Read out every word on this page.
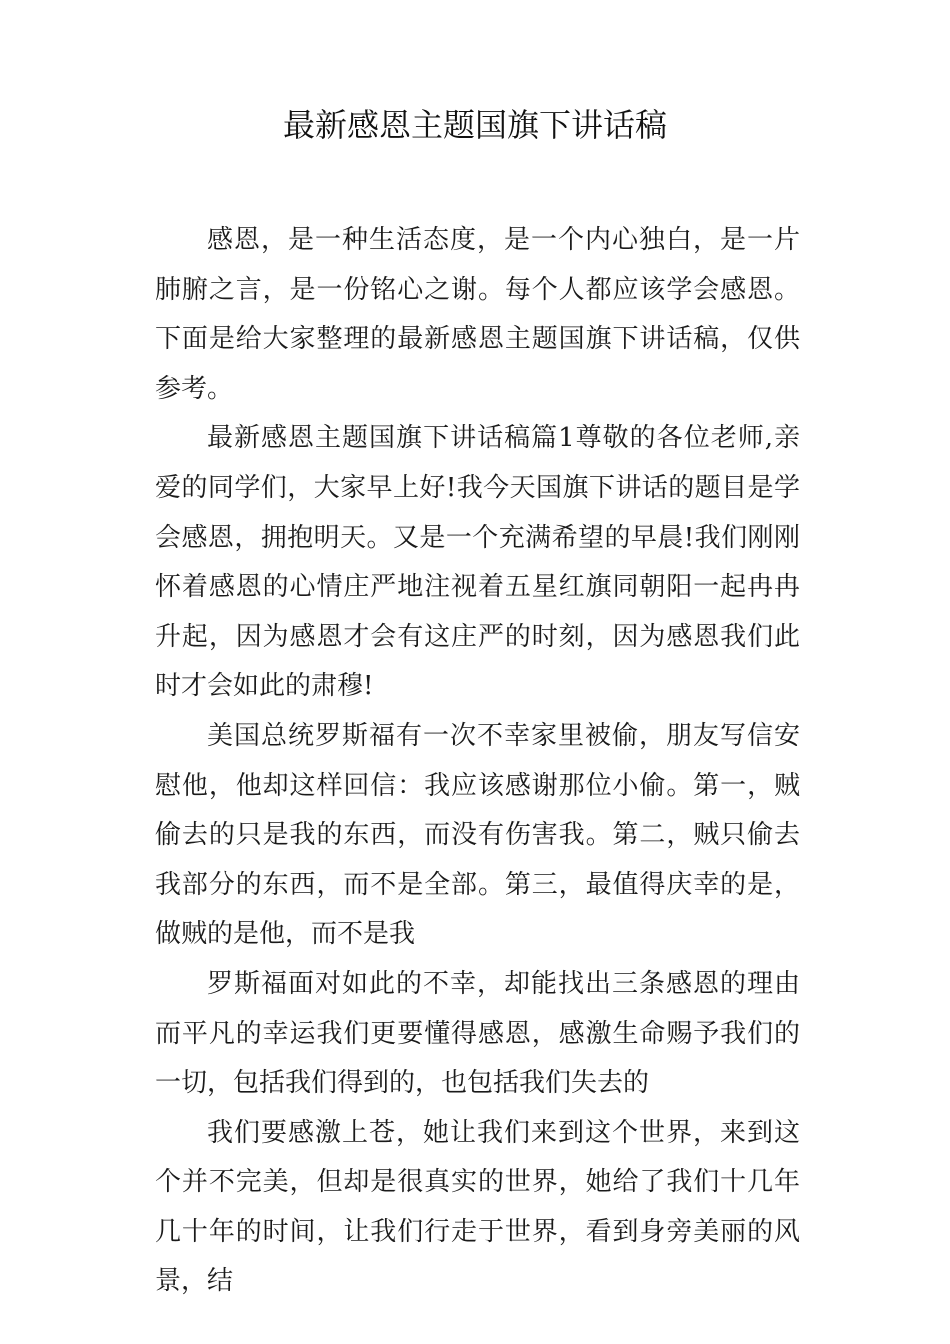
最新感恩主题国旗下讲话稿

感恩，是一种生活态度，是一个内心独白，是一片肺腑之言，是一份铭心之谢。每个人都应该学会感恩。下面是给大家整理的最新感恩主题国旗下讲话稿，仅供参考。

最新感恩主题国旗下讲话稿篇1尊敬的各位老师,亲爱的同学们，大家早上好!我今天国旗下讲话的题目是学会感恩，拥抱明天。又是一个充满希望的早晨!我们刚刚怀着感恩的心情庄严地注视着五星红旗同朝阳一起冉冉升起，因为感恩才会有这庄严的时刻，因为感恩我们此时才会如此的肃穆!

美国总统罗斯福有一次不幸家里被偷，朋友写信安慰他，他却这样回信：我应该感谢那位小偷。第一，贼偷去的只是我的东西，而没有伤害我。第二，贼只偷去我部分的东西，而不是全部。第三，最值得庆幸的是，做贼的是他，而不是我

罗斯福面对如此的不幸，却能找出三条感恩的理由而平凡的幸运我们更要懂得感恩，感激生命赐予我们的一切，包括我们得到的，也包括我们失去的

我们要感激上苍，她让我们来到这个世界，来到这个并不完美，但却是很真实的世界，她给了我们十几年几十年的时间，让我们行走于世界，看到身旁美丽的风景，结
